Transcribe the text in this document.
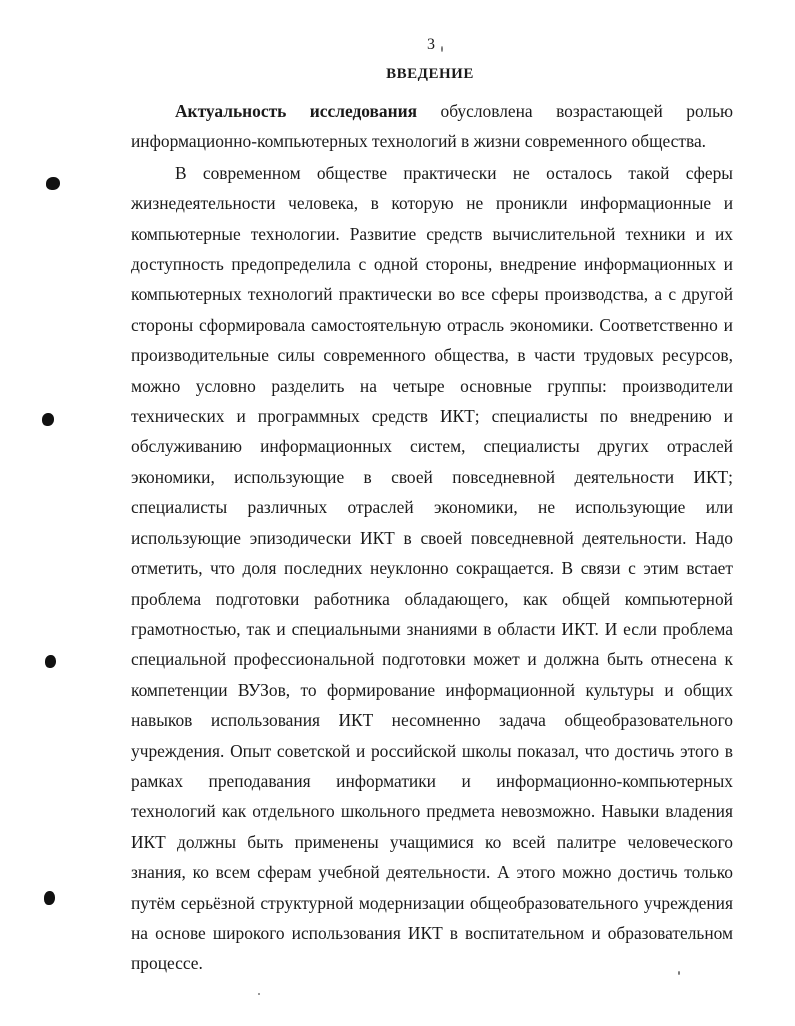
3
ВВЕДЕНИЕ

Актуальность исследования обусловлена возрастающей ролью информационно-компьютерных технологий в жизни современного общества.

В современном обществе практически не осталось такой сферы жизнедеятельности человека, в которую не проникли информационные и компьютерные технологии. Развитие средств вычислительной техники и их доступность предопределила с одной стороны, внедрение информационных и компьютерных технологий практически во все сферы производства, а с другой стороны сформировала самостоятельную отрасль экономики. Соответственно и производительные силы современного общества, в части трудовых ресурсов, можно условно разделить на четыре основные группы: производители технических и программных средств ИКТ; специалисты по внедрению и обслуживанию информационных систем, специалисты других отраслей экономики, использующие в своей повседневной деятельности ИКТ; специалисты различных отраслей экономики, не использующие или использующие эпизодически ИКТ в своей повседневной деятельности. Надо отметить, что доля последних неуклонно сокращается. В связи с этим встает проблема подготовки работника обладающего, как общей компьютерной грамотностью, так и специальными знаниями в области ИКТ. И если проблема специальной профессиональной подготовки может и должна быть отнесена к компетенции ВУЗов, то формирование информационной культуры и общих навыков использования ИКТ несомненно задача общеобразовательного учреждения. Опыт советской и российской школы показал, что достичь этого в рамках преподавания информатики и информационно-компьютерных технологий как отдельного школьного предмета невозможно. Навыки владения ИКТ должны быть применены учащимися ко всей палитре человеческого знания, ко всем сферам учебной деятельности. А этого можно достичь только путём серьёзной структурной модернизации общеобразовательного учреждения на основе широкого использования ИКТ в воспитательном и образовательном процессе.
